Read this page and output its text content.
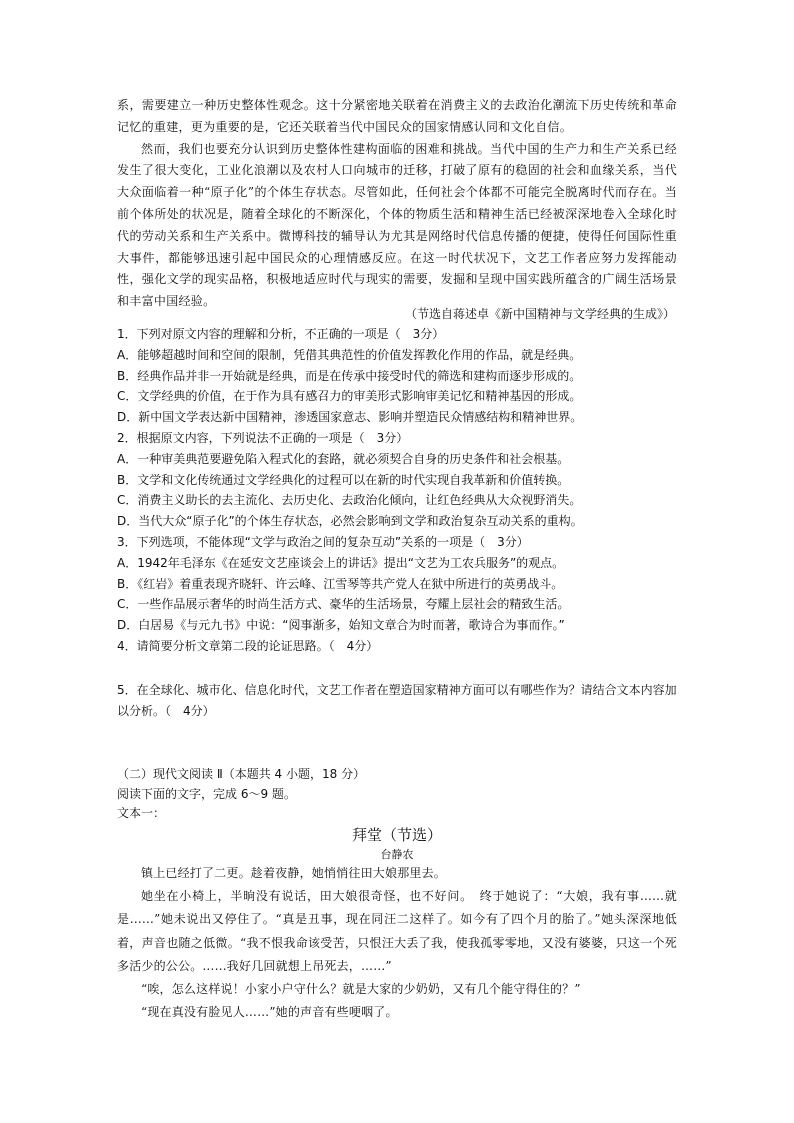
系，需要建立一种历史整体性观念。这十分紧密地关联着在消费主义的去政治化潮流下历史传统和革命记忆的重建，更为重要的是，它还关联着当代中国民众的国家情感认同和文化自信。

然而，我们也要充分认识到历史整体性建构面临的困难和挑战。当代中国的生产力和生产关系已经发生了很大变化，工业化浪潮以及农村人口向城市的迁移，打破了原有的稳固的社会和血缘关系，当代大众面临着一种“原子化”的个体生存状态。尽管如此，任何社会个体都不可能完全脱离时代而存在。当前个体所处的状况是，随着全球化的不断深化，个体的物质生活和精神生活已经被深深地卷入全球化时代的劳动关系和生产关系中。微博科技的辅导认为尤其是网络时代信息传播的便捷，使得任何国际性重大事件，都能够迅速引起中国民众的心理情感反应。在这一时代状况下，文艺工作者应努力发挥能动性，强化文学的现实品格，积极地适应时代与现实的需要，发掘和呈现中国实践所蕴含的广阔生活场景和丰富中国经验。

（节选自蒋述卓《新中国精神与文学经典的生成》）
1．下列对原文内容的理解和分析，不正确的一项是（　3分）
A．能够超越时间和空间的限制，凭借其典范性的价值发挥教化作用的作品，就是经典。
B．经典作品并非一开始就是经典，而是在传承中接受时代的筛选和建构而逐步形成的。
C．文学经典的价值，在于作为具有感召力的审美形式影响审美记忆和精神基因的形成。
D．新中国文学表达新中国精神，渗透国家意志、影响并塑造民众情感结构和精神世界。
2．根据原文内容，下列说法不正确的一项是（　3分）
A．一种审美典范要避免陷入程式化的套路，就必须契合自身的历史条件和社会根基。
B．文学和文化传统通过文学经典化的过程可以在新的时代实现自我革新和价值转换。
C．消费主义助长的去主流化、去历史化、去政治化倾向，让红色经典从大众视野消失。
D．当代大众“原子化”的个体生存状态，必然会影响到文学和政治复杂互动关系的重构。
3．下列选项，不能体现“文学与政治之间的复杂互动”关系的一项是（　3分）
A．1942年毛泽东《在延安文艺座谈会上的讲话》提出“文艺为工农兵服务”的观点。
B．《红岩》着重表现齐晓轩、许云峰、江雪琴等共产党人在狱中所进行的英勇战斗。
C．一些作品展示奢华的时尚生活方式、豪华的生活场景，夸耀上层社会的精致生活。
D．白居易《与元九书》中说：“阅事渐多，始知文章合为时而著，歌诗合为事而作。”
4．请简要分析文章第二段的论证思路。（　4分）
5．在全球化、城市化、信息化时代，文艺工作者在塑造国家精神方面可以有哪些作为？请结合文本内容加以分析。（　4分）
（二）现代文阅读 Ⅱ（本题共 4 小题，18 分）
阅读下面的文字，完成 6～9 题。
文本一：
拜堂（节选）
台静农

镇上已经打了二更。趁着夜静，她悄悄往田大娘那里去。

她坐在小椅上，半晌没有说话，田大娘很奇怪，也不好问。　终于她说了：“大娘，我有事……就是……”她未说出又停住了。“真是丑事，现在同汪二这样了。如今有了四个月的胎了。”她头深深地低着，声音也随之低微。“我不恨我命该受苦，只恨汪大丢了我，使我孤零零地，又没有婆婆，只这一个死多活少的公公。……我好几回就想上吊死去，……”

“唉，怎么这样说！小家小户守什么？就是大家的少奶奶，又有几个能守得住的？”

“现在真没有脸见人……”她的声音有些哽咽了。
